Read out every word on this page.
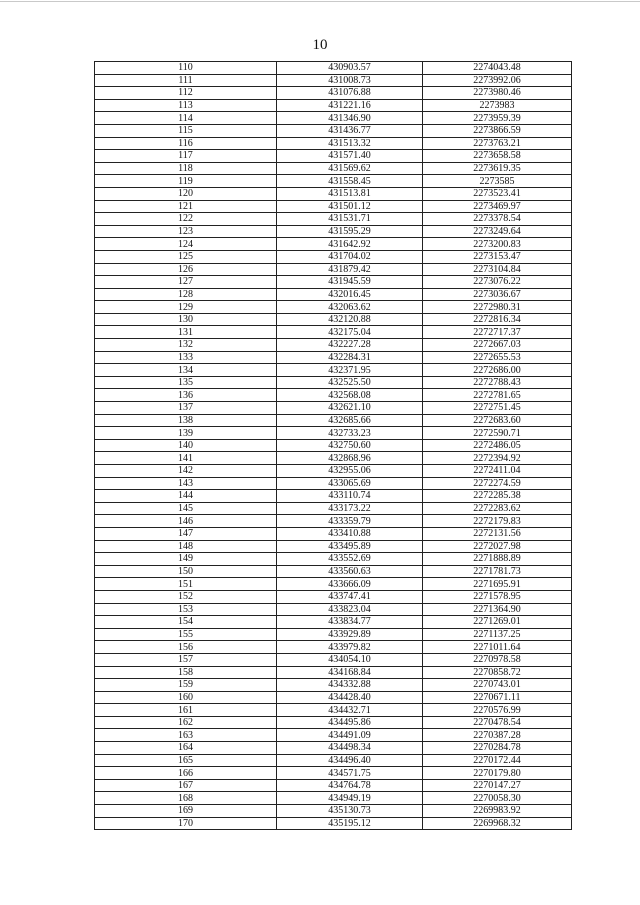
10
110	430903.57	2274043.48
111	431008.73	2273992.06
112	431076.88	2273980.46
113	431221.16	2273983
114	431346.90	2273959.39
115	431436.77	2273866.59
116	431513.32	2273763.21
117	431571.40	2273658.58
118	431569.62	2273619.35
119	431558.45	2273585
120	431513.81	2273523.41
121	431501.12	2273469.97
122	431531.71	2273378.54
123	431595.29	2273249.64
124	431642.92	2273200.83
125	431704.02	2273153.47
126	431879.42	2273104.84
127	431945.59	2273076.22
128	432016.45	2273036.67
129	432063.62	2272980.31
130	432120.88	2272816.34
131	432175.04	2272717.37
132	432227.28	2272667.03
133	432284.31	2272655.53
134	432371.95	2272686.00
135	432525.50	2272788.43
136	432568.08	2272781.65
137	432621.10	2272751.45
138	432685.66	2272683.60
139	432733.23	2272590.71
140	432750.60	2272486.05
141	432868.96	2272394.92
142	432955.06	2272411.04
143	433065.69	2272274.59
144	433110.74	2272285.38
145	433173.22	2272283.62
146	433359.79	2272179.83
147	433410.88	2272131.56
148	433495.89	2272027.98
149	433552.69	2271888.89
150	433560.63	2271781.73
151	433666.09	2271695.91
152	433747.41	2271578.95
153	433823.04	2271364.90
154	433834.77	2271269.01
155	433929.89	2271137.25
156	433979.82	2271011.64
157	434054.10	2270978.58
158	434168.84	2270858.72
159	434332.88	2270743.01
160	434428.40	2270671.11
161	434432.71	2270576.99
162	434495.86	2270478.54
163	434491.09	2270387.28
164	434498.34	2270284.78
165	434496.40	2270172.44
166	434571.75	2270179.80
167	434764.78	2270147.27
168	434949.19	2270058.30
169	435130.73	2269983.92
170	435195.12	2269968.32
